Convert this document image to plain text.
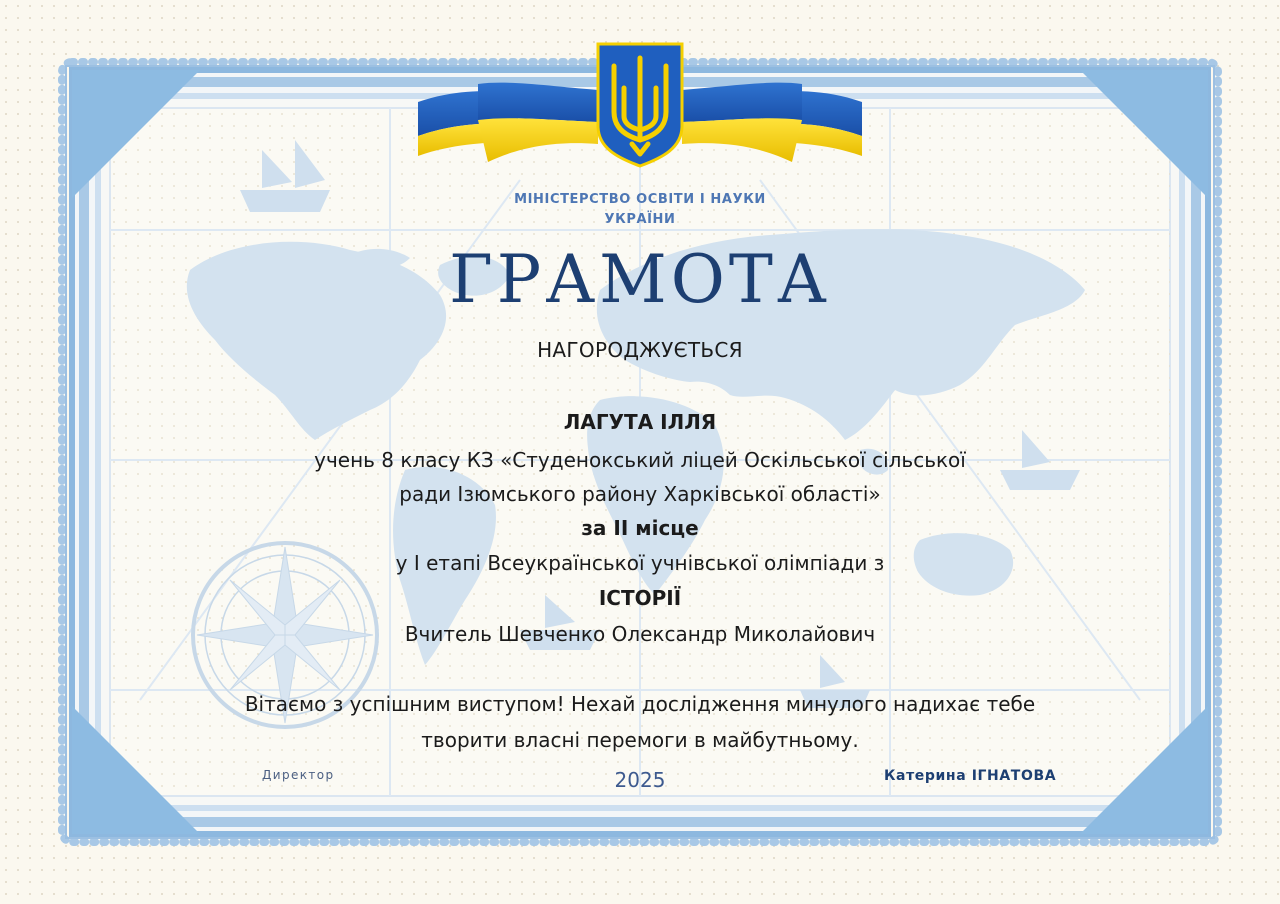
МІНІСТЕРСТВО ОСВІТИ І НАУКИ
УКРАЇНИ
ГРАМОТА
НАГОРОДЖУЄТЬСЯ
ЛАГУТА ІЛЛЯ
учень 8 класу КЗ «Студенокський ліцей Оскільської сільської
ради Ізюмського району Харківської області»
за ІІ місце
у І етапі Всеукраїнської учнівської олімпіади з
ІСТОРІЇ
Вчитель Шевченко Олександр Миколайович
Вітаємо з успішним виступом! Нехай дослідження минулого надихає тебе
творити власні перемоги в майбутньому.
Директор	2025	Катерина ІГНАТОВА
